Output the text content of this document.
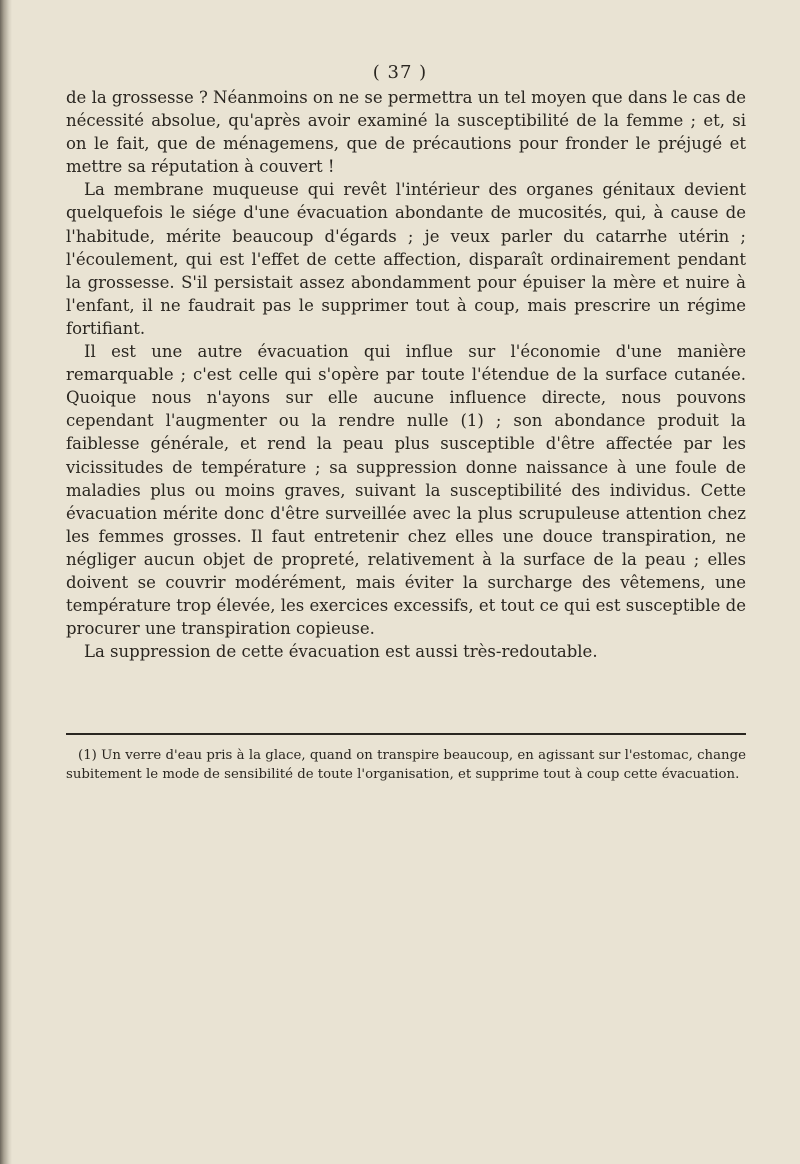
( 37 )

de la grossesse ? Néanmoins on ne se permettra un tel moyen que dans le cas de nécessité absolue, qu'après avoir examiné la susceptibilité de la femme ; et, si on le fait, que de ménagemens, que de précautions pour fronder le préjugé et mettre sa réputation à couvert !

La membrane muqueuse qui revêt l'intérieur des organes génitaux devient quelquefois le siége d'une évacuation abondante de mucosités, qui, à cause de l'habitude, mérite beaucoup d'égards ; je veux parler du catarrhe utérin ; l'écoulement, qui est l'effet de cette affection, disparaît ordinairement pendant la grossesse. S'il persistait assez abondamment pour épuiser la mère et nuire à l'enfant, il ne faudrait pas le supprimer tout à coup, mais prescrire un régime fortifiant.

Il est une autre évacuation qui influe sur l'économie d'une manière remarquable ; c'est celle qui s'opère par toute l'étendue de la surface cutanée. Quoique nous n'ayons sur elle aucune influence directe, nous pouvons cependant l'augmenter ou la rendre nulle (1) ; son abondance produit la faiblesse générale, et rend la peau plus susceptible d'être affectée par les vicissitudes de température ; sa suppression donne naissance à une foule de maladies plus ou moins graves, suivant la susceptibilité des individus. Cette évacuation mérite donc d'être surveillée avec la plus scrupuleuse attention chez les femmes grosses. Il faut entretenir chez elles une douce transpiration, ne négliger aucun objet de propreté, relativement à la surface de la peau ; elles doivent se couvrir modérément, mais éviter la surcharge des vêtemens, une température trop élevée, les exercices excessifs, et tout ce qui est susceptible de procurer une transpiration copieuse.

La suppression de cette évacuation est aussi très-redoutable.

(1) Un verre d'eau pris à la glace, quand on transpire beaucoup, en agissant sur l'estomac, change subitement le mode de sensibilité de toute l'organisation, et supprime tout à coup cette évacuation.
